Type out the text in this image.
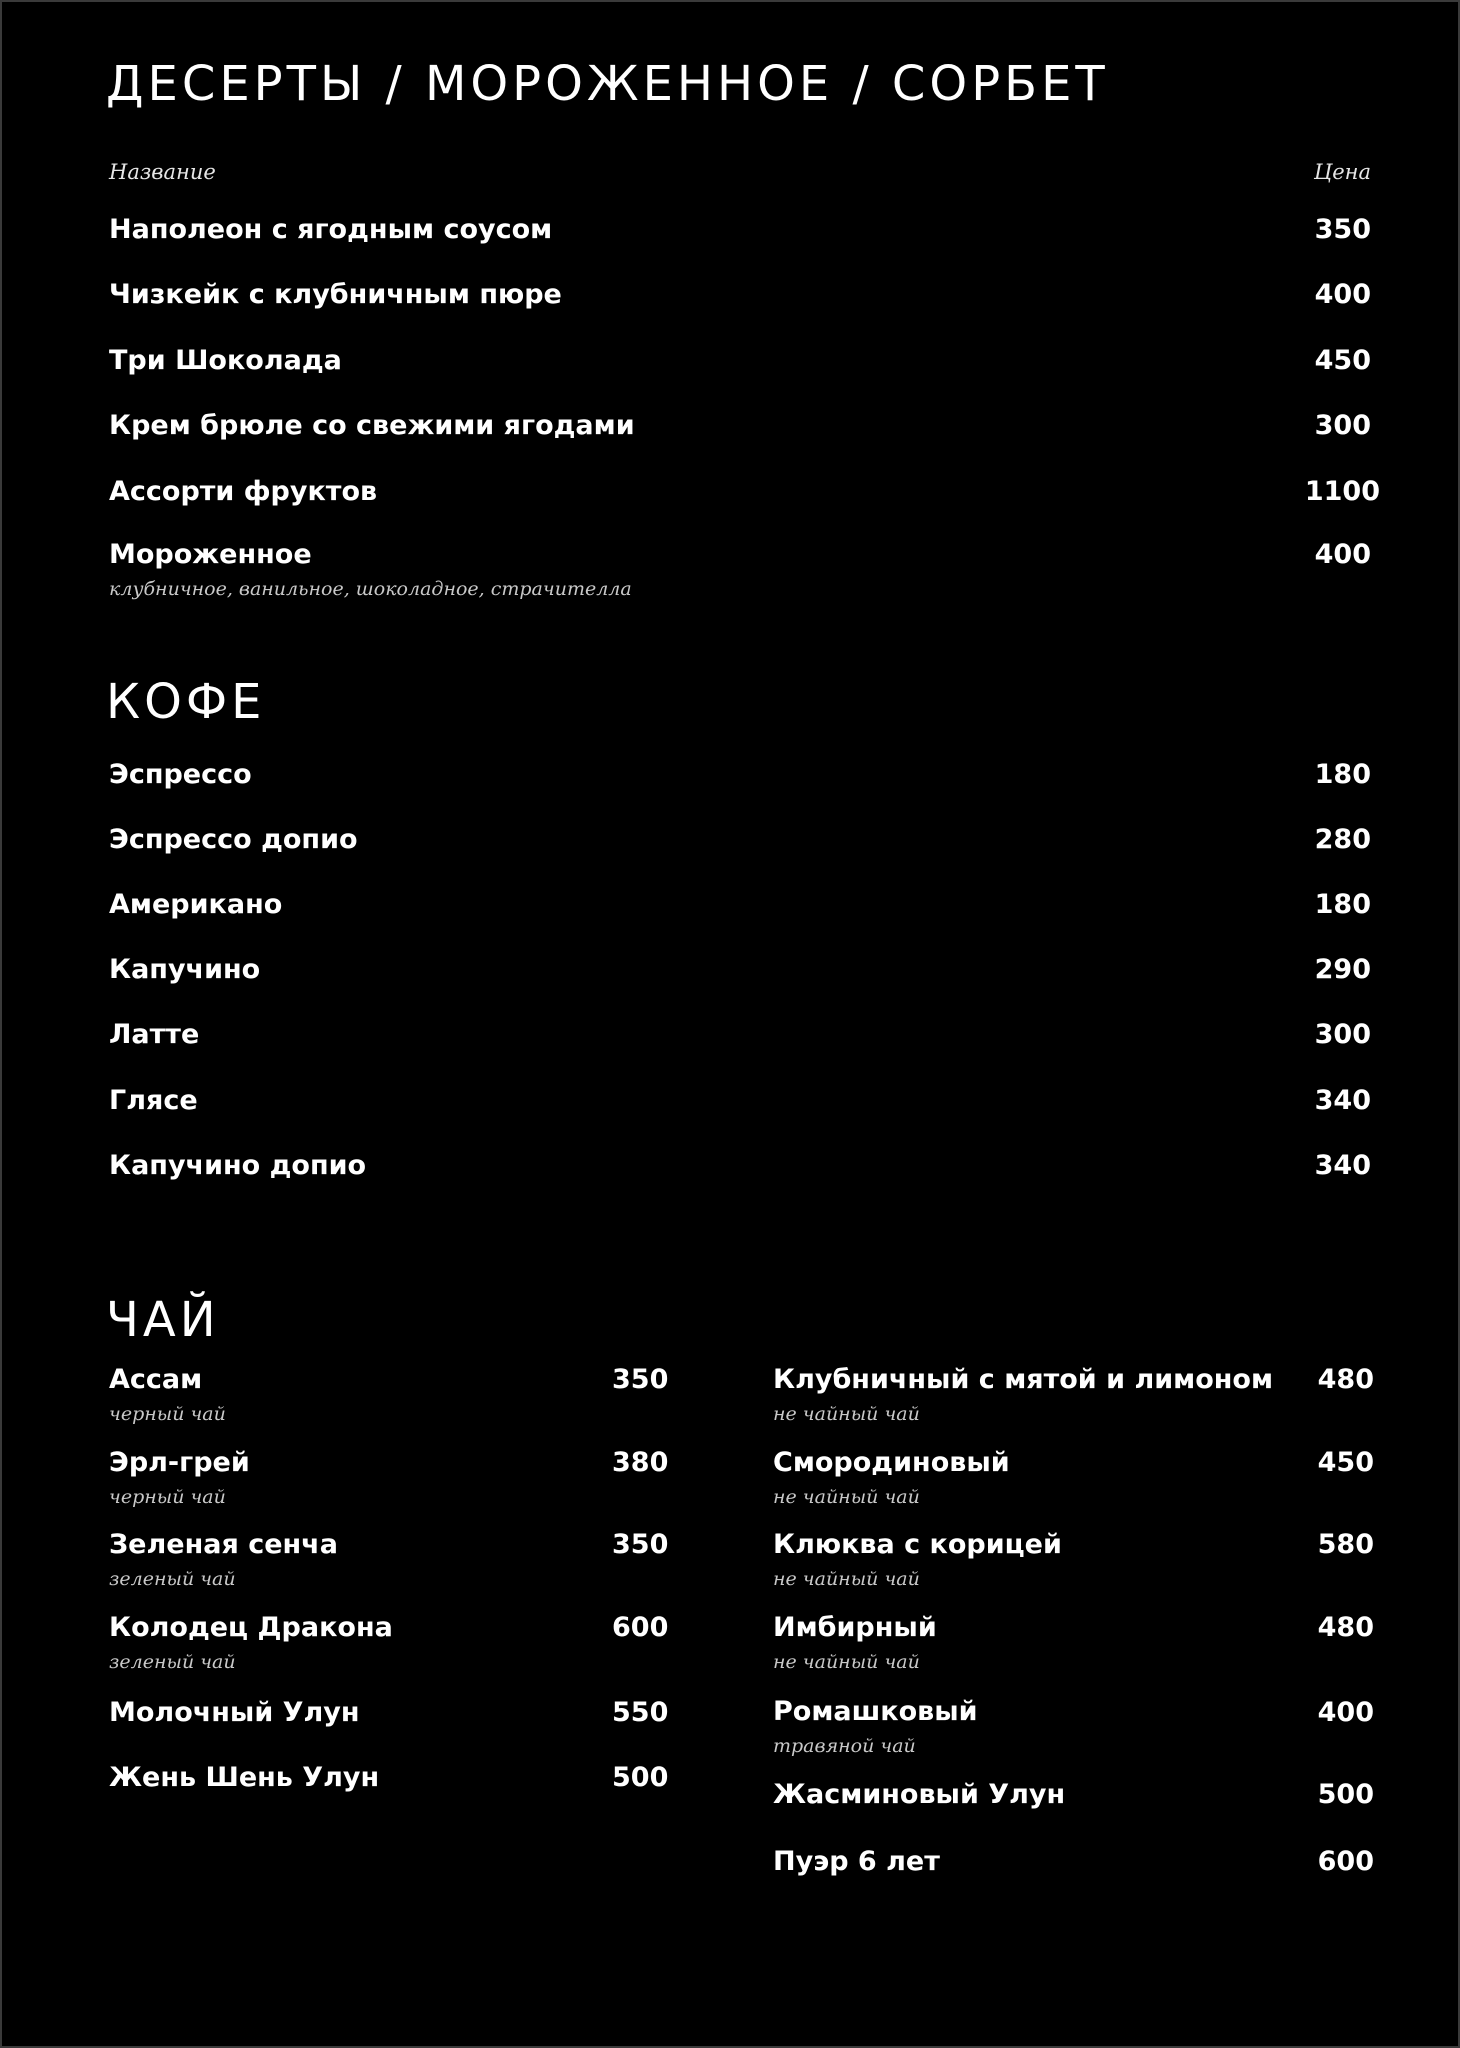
ДЕСЕРТЫ / МОРОЖЕННОЕ / СОРБЕТ
Название	Цена
Наполеон с ягодным соусом	350
Чизкейк с клубничным пюре	400
Три Шоколада	450
Крем брюле со свежими ягодами	300
Ассорти фруктов	1100
Мороженное	400
клубничное, ванильное, шоколадное, страчителла
КОФЕ
Эспрессо	180
Эспрессо допио	280
Американо	180
Капучино	290
Латте	300
Глясе	340
Капучино допио	340
ЧАЙ
Ассам	350
черный чай
Эрл-грей	380
черный чай
Зеленая сенча	350
зеленый чай
Колодец Дракона	600
зеленый чай
Молочный Улун	550
Жень Шень Улун	500
Клубничный с мятой и лимоном 480
не чайный чай
Смородиновый	450
не чайный чай
Клюква с корицей	580
не чайный чай
Имбирный	480
не чайный чай
Ромашковый	400
травяной чай
Жасминовый Улун	500
Пуэр 6 лет	600
